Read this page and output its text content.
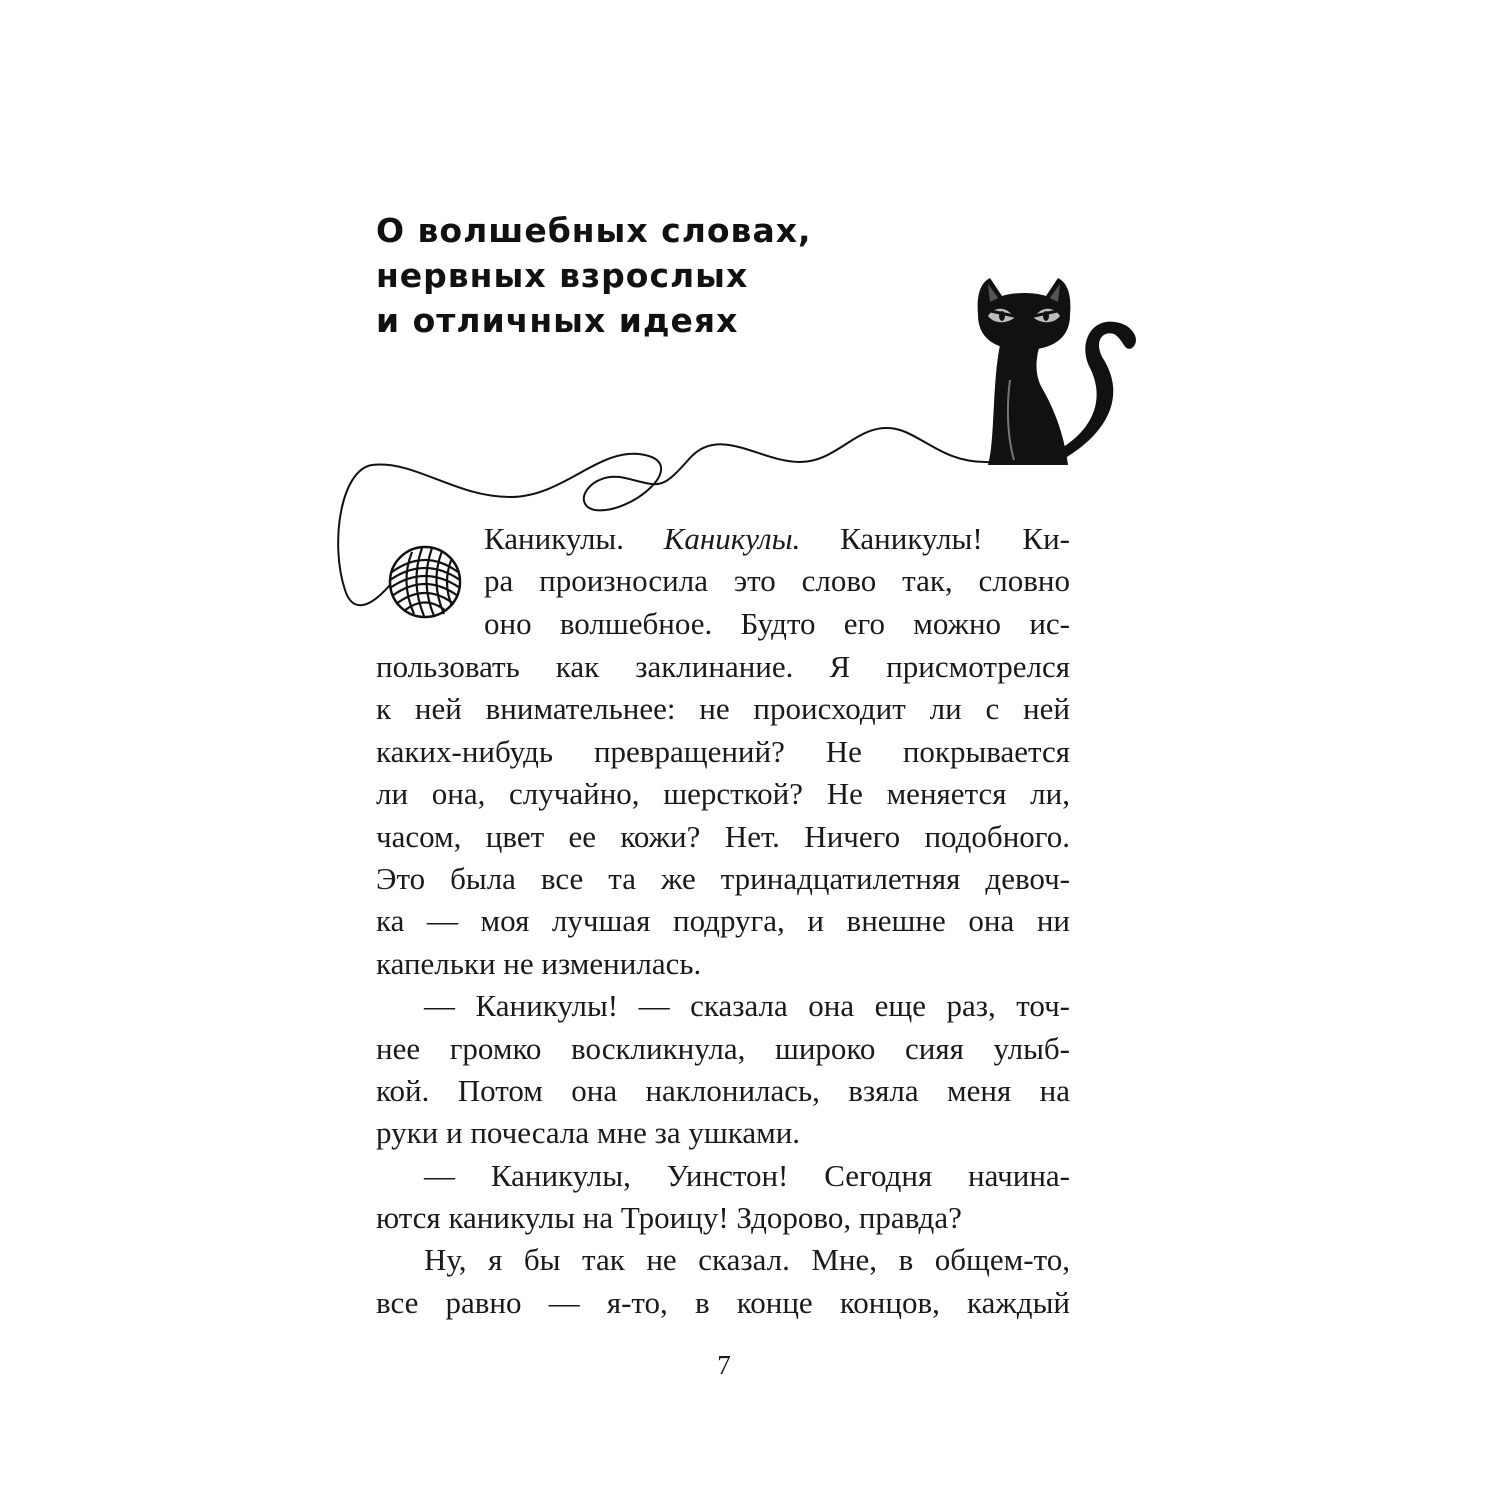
О волшебных словах,
нервных взрослых
и отличных идеях
Каникулы. Каникулы. Каникулы! Ки-
ра произносила это слово так, словно
оно волшебное. Будто его можно ис-
пользовать как заклинание. Я присмотрелся
к ней внимательнее: не происходит ли с ней
каких-нибудь превращений? Не покрывается
ли она, случайно, шерсткой? Не меняется ли,
часом, цвет ее кожи? Нет. Ничего подобного.
Это была все та же тринадцатилетняя девоч-
ка — моя лучшая подруга, и внешне она ни
капельки не изменилась.
— Каникулы! — сказала она еще раз, точ-
нее громко воскликнула, широко сияя улыб-
кой. Потом она наклонилась, взяла меня на
руки и почесала мне за ушками.
— Каникулы, Уинстон! Сегодня начина-
ются каникулы на Троицу! Здорово, правда?
Ну, я бы так не сказал. Мне, в общем-то,
все равно — я-то, в конце концов, каждый
7
